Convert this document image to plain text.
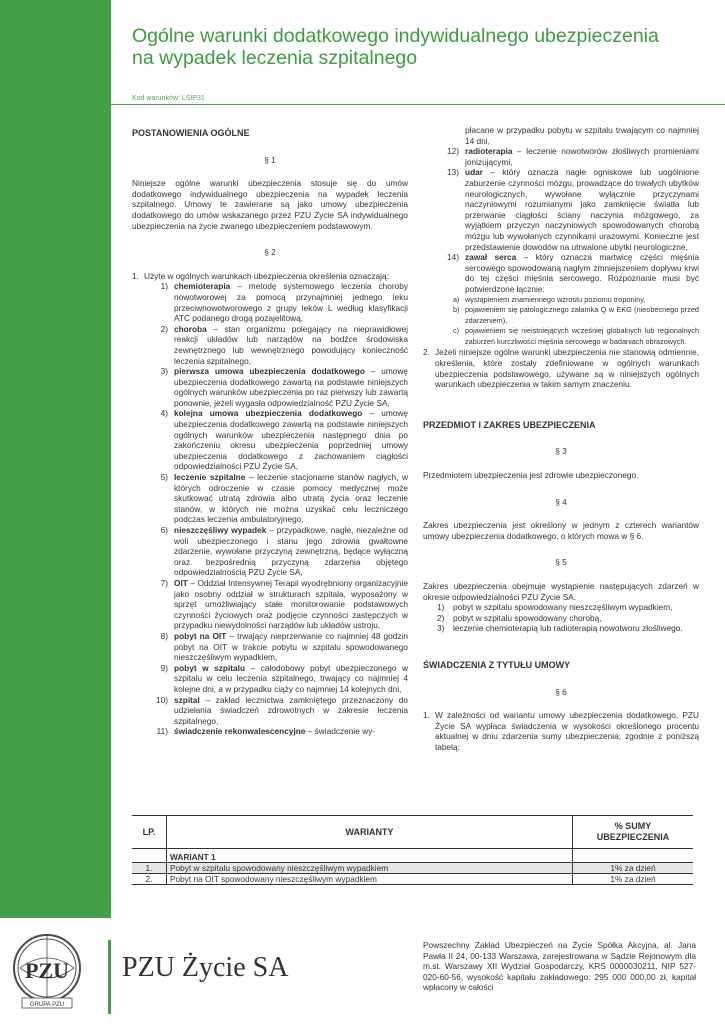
Ogólne warunki dodatkowego indywidualnego ubezpieczenia
na wypadek leczenia szpitalnego
Kod warunków: LSIP31
POSTANOWIENIA OGÓLNE
§ 1

Niniejsze ogólne warunki ubezpieczenia stosuje się do umów dodatkowego indywidualnego ubezpieczenia na wypadek leczenia szpitalnego. Umowy te zawierane są jako umowy ubezpieczenia dodatkowego do umów wskazanego przez PZU Życie SA indywidualnego ubezpieczenia na życie zwanego ubezpieczeniem podstawowym.

§ 2
1. Użyte w ogólnych warunkach ubezpieczenia określenia oznaczają:
1) chemioterapia – metodę systemowego leczenia choroby nowotworowej za pomocą przynajmniej jednego leku przeciwnowotworowego z grupy leków L według klasyfikacji ATC podanego drogą pozajelitową,
2) choroba – stan organizmu polegający na nieprawidłowej reakcji układów lub narządów na bodźce środowiska zewnętrznego lub wewnętrznego powodujący konieczność leczenia szpitalnego,
3) pierwsza umowa ubezpieczenia dodatkowego – umowę ubezpieczenia dodatkowego zawartą na podstawie niniejszych ogólnych warunków ubezpieczenia po raz pierwszy lub zawartą ponownie, jeżeli wygasła odpowiedzialność PZU Życie SA,
4) kolejna umowa ubezpieczenia dodatkowego – umowę ubezpieczenia dodatkowego zawartą na podstawie niniejszych ogólnych warunków ubezpieczenia następnego dnia po zakończeniu okresu ubezpieczenia poprzedniej umowy ubezpieczenia dodatkowego z zachowaniem ciągłości odpowiedzialności PZU Życie SA,
5) leczenie szpitalne – leczenie stacjonarne stanów nagłych, w których odroczenie w czasie pomocy medycznej może skutkować utratą zdrowia albo utratą życia oraz leczenie stanów, w których nie można uzyskać celu leczniczego podczas leczenia ambulatoryjnego,
6) nieszczęśliwy wypadek – przypadkowe, nagłe, niezależne od woli ubezpieczonego i stanu jego zdrowia gwałtowne zdarzenie, wywołane przyczyną zewnętrzną, będące wyłączną oraz bezpośrednią przyczyną zdarzenia objętego odpowiedzialnością PZU Życie SA,
7) OIT – Oddział Intensywnej Terapii wyodrębniony organizacyjnie jako osobny oddział w strukturach szpitala, wyposażony w sprzęt umożliwiający stałe monitorowanie podstawowych czynności życiowych oraz podjęcie czynności zastępczych w przypadku niewydolności narządów lub układów ustroju,
8) pobyt na OIT – trwający nieprzerwanie co najmniej 48 godzin pobyt na OIT w trakcie pobytu w szpitalu spowodowanego nieszczęśliwym wypadkiem,
9) pobyt w szpitalu – całodobowy pobyt ubezpieczonego w szpitalu w celu leczenia szpitalnego, trwający co najmniej 4 kolejne dni, a w przypadku ciąży co najmniej 14 kolejnych dni,
10) szpital – zakład lecznictwa zamkniętego przeznaczony do udzielania świadczeń zdrowotnych w zakresie leczenia szpitalnego,
11) świadczenie rekonwalescencyjne – świadczenie wy-
płacane w przypadku pobytu w szpitalu trwającym co najmniej 14 dni,
12) radioterapia – leczenie nowotworów złośliwych promieniami jonizującymi,
13) udar – który oznacza nagłe ogniskowe lub uogólnione zaburzenie czynności mózgu, prowadzące do trwałych ubytków neurologicznych, wywołane wyłącznie przyczynami naczyniowymi rozumianymi jako zamknięcie światła lub przerwanie ciągłości ściany naczynia mózgowego, za wyjątkiem przyczyn naczyniowych spowodowanych chorobą mózgu lub wywołanych czynnikami urazowymi. Konieczne jest przedstawienie dowodów na utrwalone ubytki neurologiczne,
14) zawał serca – który oznacza martwicę części mięśnia sercowego spowodowaną nagłym zmniejszeniem dopływu krwi do tej części mięśnia sercowego. Rozpoznanie musi być potwierdzone łącznie:
a) wystąpieniem znamiennego wzrostu poziomu troponiny,
b) pojawieniem się patologicznego załamka Q w EKG (nieobecnego przed zdarzeniem),
c) pojawieniem się nieistniejących wcześniej globalnych lub regionalnych zaburzeń kurczliwości mięśnia sercowego w badaniach obrazowych.
2. Jeżeli niniejsze ogólne warunki ubezpieczenia nie stanowią odmiennie, określenia, które zostały zdefiniowane w ogólnych warunkach ubezpieczenia podstawowego, używane są w niniejszych ogólnych warunkach ubezpieczenia w takim samym znaczeniu.
PRZEDMIOT I ZAKRES UBEZPIECZENIA
§ 3

Przedmiotem ubezpieczenia jest zdrowie ubezpieczonego.

§ 4

Zakres ubezpieczenia jest określony w jednym z czterech wariantów umowy ubezpieczenia dodatkowego, o których mowa w § 6.

§ 5

Zakres ubezpieczenia obejmuje wystąpienie następujących zdarzeń w okresie odpowiedzialności PZU Życie SA:

1) pobyt w szpitalu spowodowany nieszczęśliwym wypadkiem,
2) pobyt w szpitalu spowodowany chorobą,
3) leczenie chemioterapią lub radioterapią nowotworu złośliwego.
ŚWIADCZENIA Z TYTUŁU UMOWY
§ 6
1. W zależności od wariantu umowy ubezpieczenia dodatkowego, PZU Życie SA wypłaca świadczenia w wysokości określonego procentu aktualnej w dniu zdarzenia sumy ubezpieczenia, zgodnie z poniższą tabelą:
LP.	WARIANTY	% SUMY
UBEZPIECZENIA

	WARIANT 1	
1.	Pobyt w szpitalu spowodowany nieszczęśliwym wypadkiem	1% za dzień
2.	Pobyt na OIT spowodowany nieszczęśliwym wypadkiem	1% za dzień
PZU
GRUPA PZU
PZU Życie SA
Powszechny Zakład Ubezpieczeń na Życie Spółka Akcyjna, al. Jana Pawła II 24, 00-133 Warszawa, zarejestrowana w Sądzie Rejonowym dla m.st. Warszawy XII Wydział Gospodarczy, KRS 0000030211, NIP 527-020-60-56, wysokość kapitału zakładowego: 295 000 000,00 zł, kapitał wpłacony w całości
